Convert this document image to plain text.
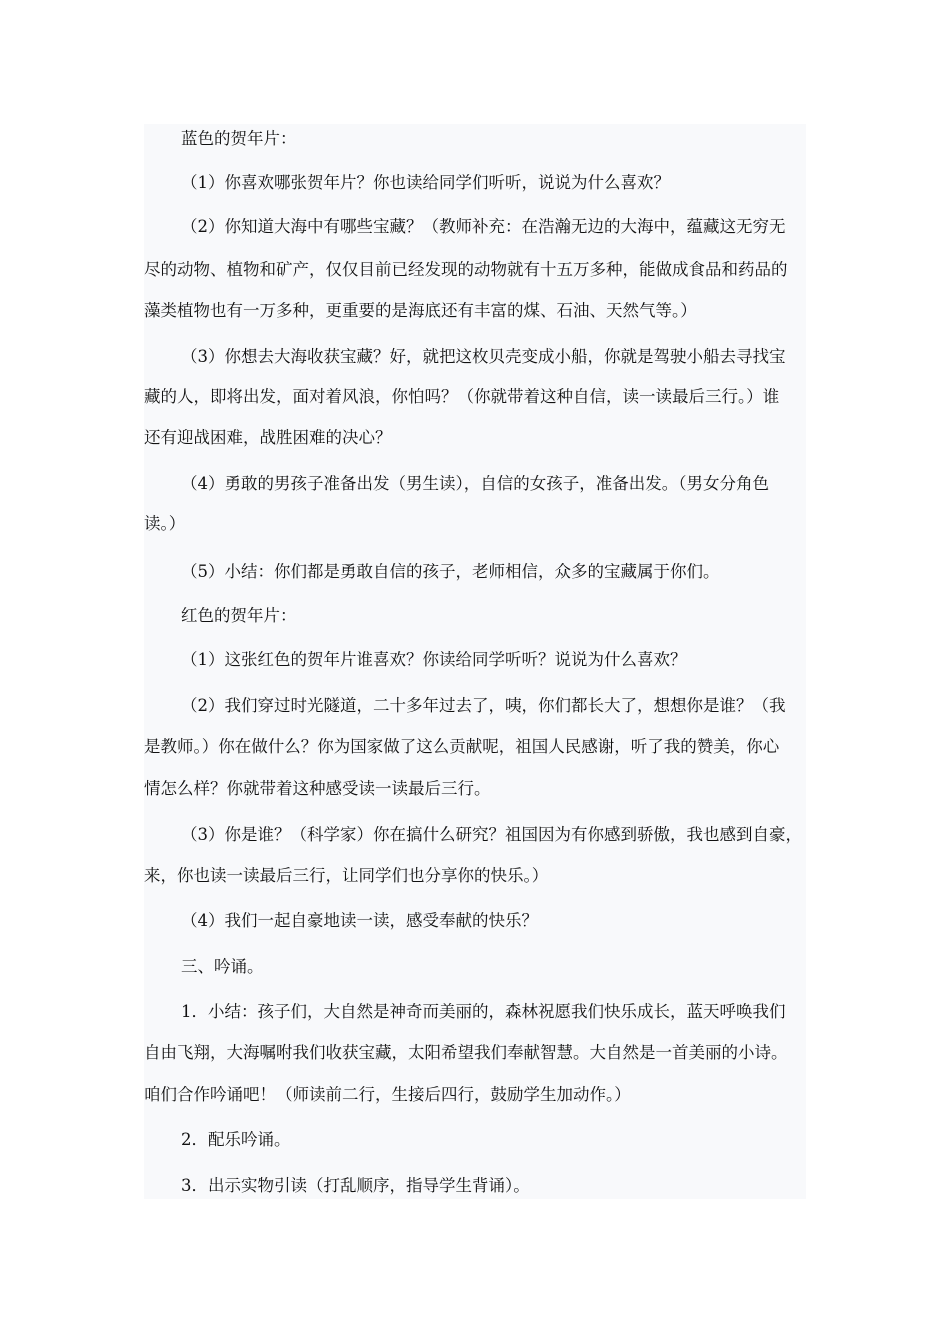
蓝色的贺年片：

（1）你喜欢哪张贺年片？你也读给同学们听听，说说为什么喜欢？

（2）你知道大海中有哪些宝藏？（教师补充：在浩瀚无边的大海中，蕴藏这无穷无

尽的动物、植物和矿产，仅仅目前已经发现的动物就有十五万多种，能做成食品和药品的

藻类植物也有一万多种，更重要的是海底还有丰富的煤、石油、天然气等。）

（3）你想去大海收获宝藏？好，就把这枚贝壳变成小船，你就是驾驶小船去寻找宝

藏的人，即将出发，面对着风浪，你怕吗？（你就带着这种自信，读一读最后三行。）谁

还有迎战困难，战胜困难的决心？

（4）勇敢的男孩子准备出发（男生读），自信的女孩子，准备出发。（男女分角色

读。）

（5）小结：你们都是勇敢自信的孩子，老师相信，众多的宝藏属于你们。

红色的贺年片：

（1）这张红色的贺年片谁喜欢？你读给同学听听？说说为什么喜欢？

（2）我们穿过时光隧道，二十多年过去了，咦，你们都长大了，想想你是谁？（我

是教师。）你在做什么？你为国家做了这么贡献呢，祖国人民感谢，听了我的赞美，你心

情怎么样？你就带着这种感受读一读最后三行。

（3）你是谁？（科学家）你在搞什么研究？祖国因为有你感到骄傲，我也感到自豪，

来，你也读一读最后三行，让同学们也分享你的快乐。）

（4）我们一起自豪地读一读，感受奉献的快乐？

三、吟诵。

1．小结：孩子们，大自然是神奇而美丽的，森林祝愿我们快乐成长，蓝天呼唤我们

自由飞翔，大海嘱咐我们收获宝藏，太阳希望我们奉献智慧。大自然是一首美丽的小诗。

咱们合作吟诵吧！（师读前二行，生接后四行，鼓励学生加动作。）

2．配乐吟诵。

3．出示实物引读（打乱顺序，指导学生背诵）。
